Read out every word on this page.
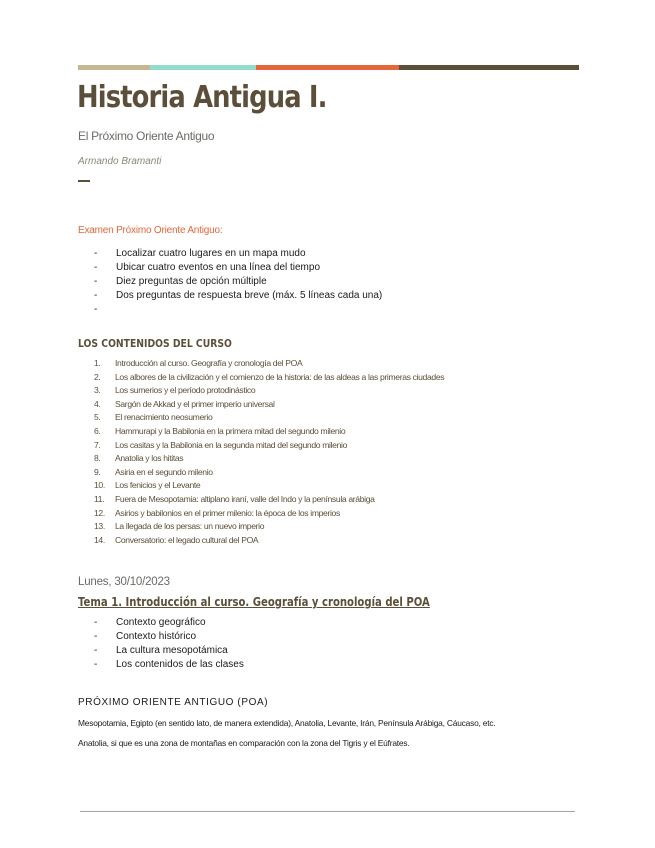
Historia Antigua I.
El Próximo Oriente Antiguo
Armando Bramanti
Examen Próximo Oriente Antiguo:
- Localizar cuatro lugares en un mapa mudo
- Ubicar cuatro eventos en una línea del tiempo
- Diez preguntas de opción múltiple
- Dos preguntas de respuesta breve (máx. 5 líneas cada una)
-
LOS CONTENIDOS DEL CURSO
1. Introducción al curso. Geografía y cronología del POA
2. Los albores de la civilización y el comienzo de la historia: de las aldeas a las primeras ciudades
3. Los sumerios y el período protodinástico
4. Sargón de Akkad y el primer imperio universal
5. El renacimiento neosumerio
6. Hammurapi y la Babilonia en la primera mitad del segundo milenio
7. Los casitas y la Babilonia en la segunda mitad del segundo milenio
8. Anatolia y los hititas
9. Asiria en el segundo milenio
10. Los fenicios y el Levante
11. Fuera de Mesopotamia: altiplano iraní, valle del Indo y la península arábiga
12. Asirios y babilonios en el primer milenio: la época de los imperios
13. La llegada de los persas: un nuevo imperio
14. Conversatorio: el legado cultural del POA
Lunes, 30/10/2023
Tema 1. Introducción al curso. Geografía y cronología del POA
- Contexto geográfico
- Contexto histórico
- La cultura mesopotámica
- Los contenidos de las clases
PRÓXIMO ORIENTE ANTIGUO (POA)
Mesopotamia, Egipto (en sentido lato, de manera extendida), Anatolia, Levante, Irán, Península Arábiga, Cáucaso, etc.
Anatolia, si que es una zona de montañas en comparación con la zona del Tigris y el Eúfrates.
